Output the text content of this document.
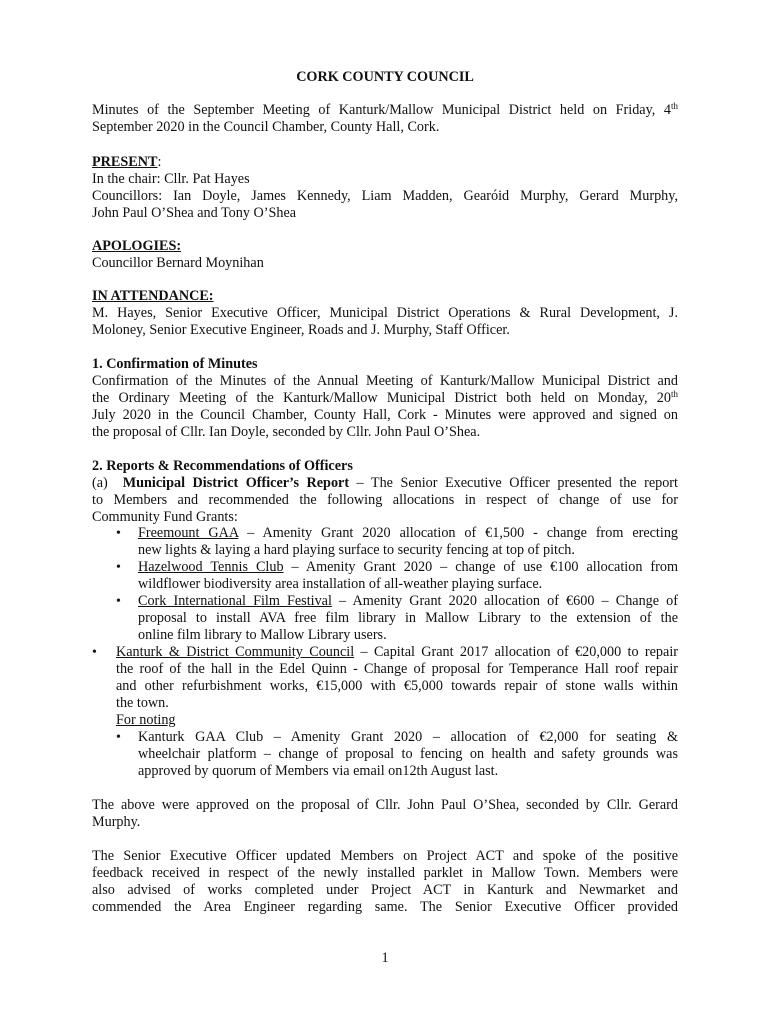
CORK COUNTY COUNCIL
Minutes of the September Meeting of Kanturk/Mallow Municipal District held on Friday, 4th
September 2020 in the Council Chamber, County Hall, Cork.
PRESENT:
In the chair: Cllr. Pat Hayes
Councillors: Ian Doyle, James Kennedy, Liam Madden, Gearóid Murphy, Gerard Murphy,
John Paul O’Shea and Tony O’Shea
APOLOGIES:
Councillor Bernard Moynihan
IN ATTENDANCE:
M. Hayes, Senior Executive Officer, Municipal District Operations & Rural Development, J.
Moloney, Senior Executive Engineer, Roads and J. Murphy, Staff Officer.
1. Confirmation of Minutes
Confirmation of the Minutes of the Annual Meeting of Kanturk/Mallow Municipal District and
the Ordinary Meeting of the Kanturk/Mallow Municipal District both held on Monday, 20th
July 2020 in the Council Chamber, County Hall, Cork - Minutes were approved and signed on
the proposal of Cllr. Ian Doyle, seconded by Cllr. John Paul O’Shea.
2. Reports & Recommendations of Officers
(a)  Municipal District Officer’s Report – The Senior Executive Officer presented the report
to Members and recommended the following allocations in respect of change of use for
Community Fund Grants:
• Freemount GAA – Amenity Grant 2020 allocation of €1,500 - change from erecting
new lights & laying a hard playing surface to security fencing at top of pitch.
• Hazelwood Tennis Club – Amenity Grant 2020 – change of use €100 allocation from
wildflower biodiversity area installation of all-weather playing surface.
• Cork International Film Festival – Amenity Grant 2020 allocation of €600 – Change of
proposal to install AVA free film library in Mallow Library to the extension of the
online film library to Mallow Library users.
• Kanturk & District Community Council – Capital Grant 2017 allocation of €20,000 to repair
the roof of the hall in the Edel Quinn - Change of proposal for Temperance Hall roof repair
and other refurbishment works, €15,000 with €5,000 towards repair of stone walls within
the town.
For noting
• Kanturk GAA Club – Amenity Grant 2020 – allocation of €2,000 for seating &
wheelchair platform – change of proposal to fencing on health and safety grounds was
approved by quorum of Members via email on12th August last.
The above were approved on the proposal of Cllr. John Paul O’Shea, seconded by Cllr. Gerard
Murphy.
The Senior Executive Officer updated Members on Project ACT and spoke of the positive
feedback received in respect of the newly installed parklet in Mallow Town. Members were
also advised of works completed under Project ACT in Kanturk and Newmarket and
commended the Area Engineer regarding same. The Senior Executive Officer provided
1
